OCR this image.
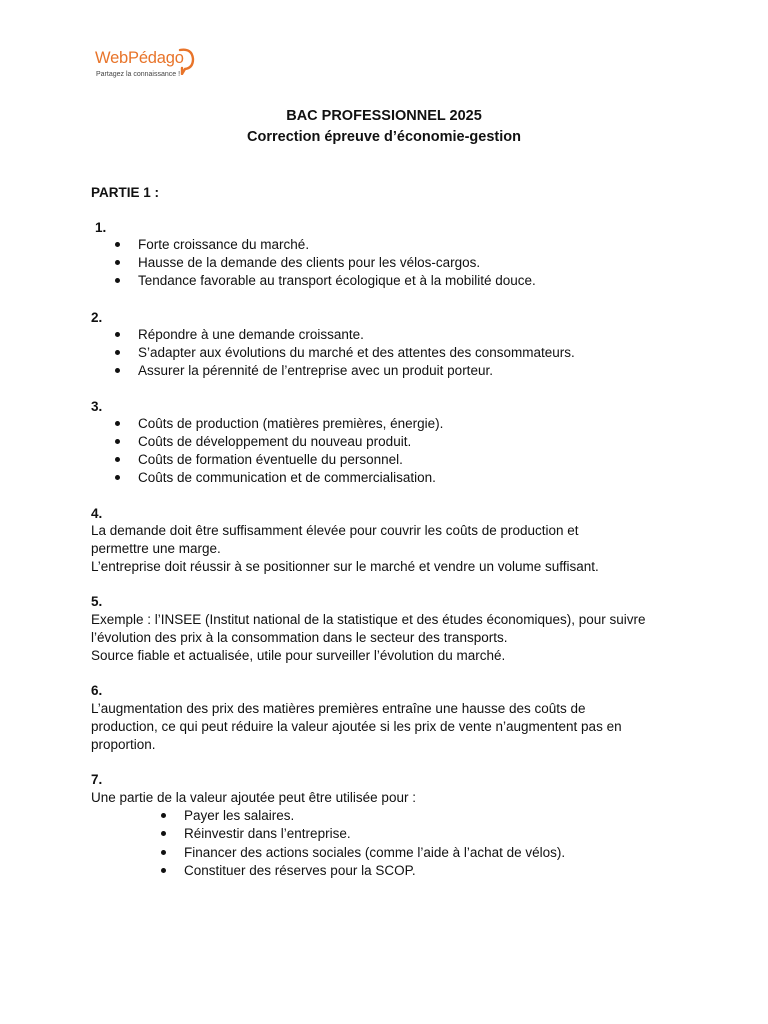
WebPédago
Partagez la connaissance !
BAC PROFESSIONNEL 2025
Correction épreuve d’économie-gestion
PARTIE 1 :
1.
Forte croissance du marché.
Hausse de la demande des clients pour les vélos-cargos.
Tendance favorable au transport écologique et à la mobilité douce.
2.
Répondre à une demande croissante.
S’adapter aux évolutions du marché et des attentes des consommateurs.
Assurer la pérennité de l’entreprise avec un produit porteur.
3.
Coûts de production (matières premières, énergie).
Coûts de développement du nouveau produit.
Coûts de formation éventuelle du personnel.
Coûts de communication et de commercialisation.
4.
La demande doit être suffisamment élevée pour couvrir les coûts de production et
permettre une marge.
L’entreprise doit réussir à se positionner sur le marché et vendre un volume suffisant.
5.
Exemple : l’INSEE (Institut national de la statistique et des études économiques), pour suivre
l’évolution des prix à la consommation dans le secteur des transports.
Source fiable et actualisée, utile pour surveiller l’évolution du marché.
6.
L’augmentation des prix des matières premières entraîne une hausse des coûts de
production, ce qui peut réduire la valeur ajoutée si les prix de vente n’augmentent pas en
proportion.
7.
Une partie de la valeur ajoutée peut être utilisée pour :
Payer les salaires.
Réinvestir dans l’entreprise.
Financer des actions sociales (comme l’aide à l’achat de vélos).
Constituer des réserves pour la SCOP.
